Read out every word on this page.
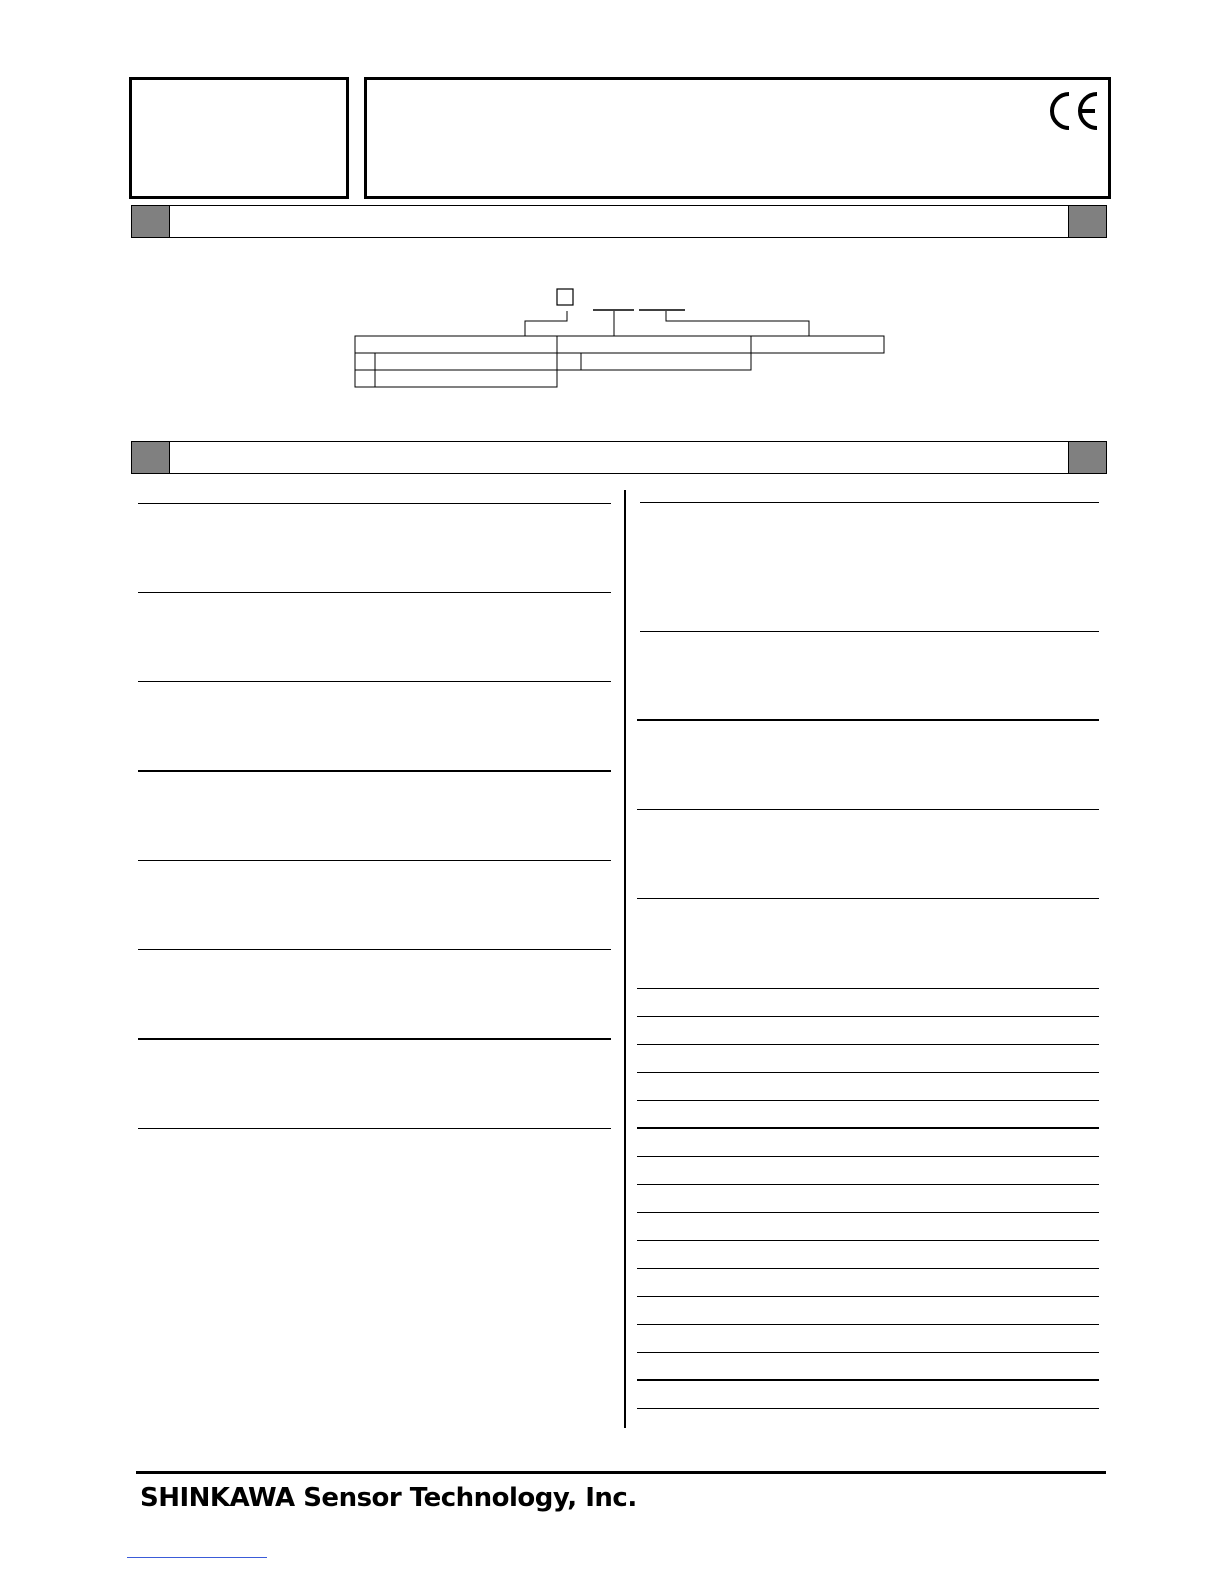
SHINKAWA Sensor Technology, Inc.
